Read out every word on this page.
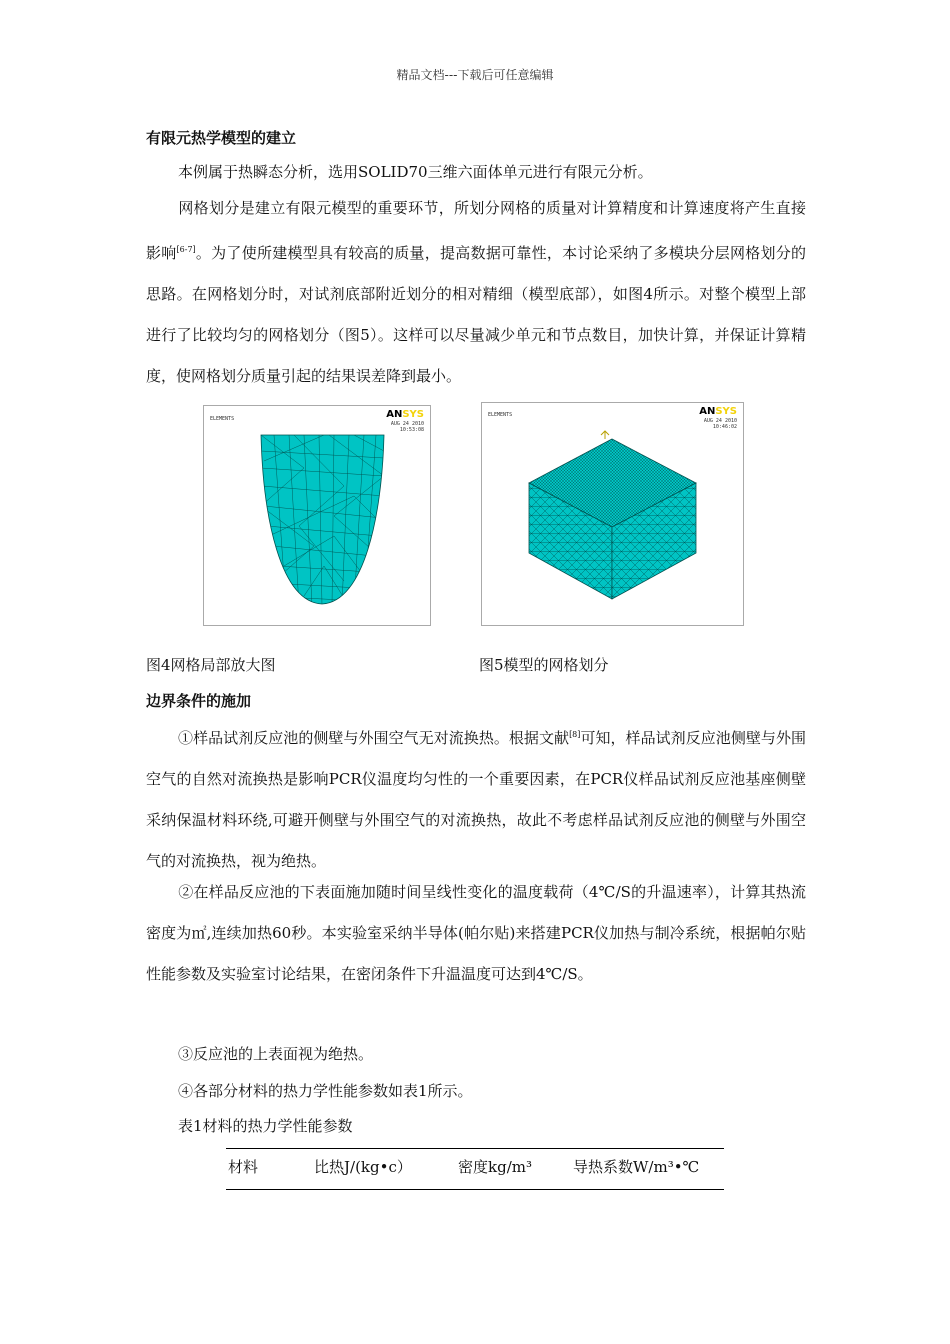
精品文档---下载后可任意编辑
有限元热学模型的建立
本例属于热瞬态分析，选用SOLID70三维六面体单元进行有限元分析。
网格划分是建立有限元模型的重要环节，所划分网格的质量对计算精度和计算速度将产生直接影响[6-7]。为了使所建模型具有较高的质量，提高数据可靠性，本讨论采纳了多模块分层网格划分的思路。在网格划分时，对试剂底部附近划分的相对精细（模型底部），如图4所示。对整个模型上部进行了比较均匀的网格划分（图5）。这样可以尽量减少单元和节点数目，加快计算，并保证计算精度，使网格划分质量引起的结果误差降到最小。
ELEMENTS	ANSYS
AUG 24 2010
10:53:08
ELEMENTS	ANSYS
AUG 24 2010
10:46:02
图4网格局部放大图	图5模型的网格划分
边界条件的施加
①样品试剂反应池的侧壁与外围空气无对流换热。根据文献[8]可知，样品试剂反应池侧壁与外围空气的自然对流换热是影响PCR仪温度均匀性的一个重要因素，在PCR仪样品试剂反应池基座侧壁采纳保温材料环绕,可避开侧壁与外围空气的对流换热，故此不考虑样品试剂反应池的侧壁与外围空气的对流换热，视为绝热。
②在样品反应池的下表面施加随时间呈线性变化的温度载荷（4℃/S的升温速率），计算其热流密度为㎡,连续加热60秒。本实验室采纳半导体(帕尔贴)来搭建PCR仪加热与制冷系统，根据帕尔贴性能参数及实验室讨论结果，在密闭条件下升温温度可达到4℃/S。
③反应池的上表面视为绝热。
④各部分材料的热力学性能参数如表1所示。
表1材料的热力学性能参数
材料	比热J/(kg•c）	密度kg/m³	导热系数W/m³•℃
